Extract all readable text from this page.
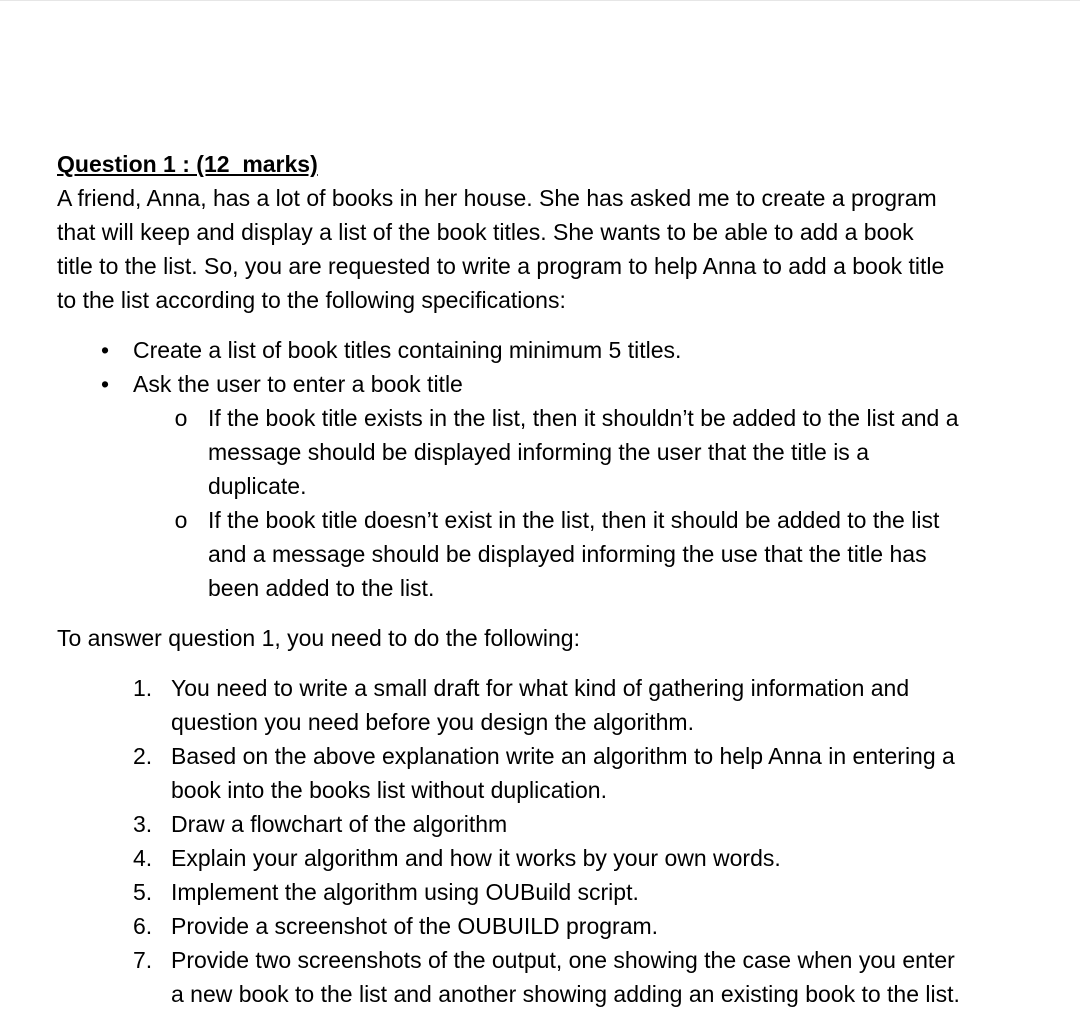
Question 1 : (12  marks)

A friend, Anna, has a lot of books in her house. She has asked me to create a program

that will keep and display a list of the book titles. She wants to be able to add a book

title to the list. So, you are requested to write a program to help Anna to add a book title

to the list according to the following specifications:

• Create a list of book titles containing minimum 5 titles.
• Ask the user to enter a book title
o If the book title exists in the list, then it shouldn’t be added to the list and a
message should be displayed informing the user that the title is a
duplicate.
o If the book title doesn’t exist in the list, then it should be added to the list
and a message should be displayed informing the use that the title has
been added to the list.
To answer question 1, you need to do the following:
1. You need to write a small draft for what kind of gathering information and
question you need before you design the algorithm.
2. Based on the above explanation write an algorithm to help Anna in entering a
book into the books list without duplication.
3. Draw a flowchart of the algorithm
4. Explain your algorithm and how it works by your own words.
5. Implement the algorithm using OUBuild script.
6. Provide a screenshot of the OUBUILD program.
7. Provide two screenshots of the output, one showing the case when you enter
a new book to the list and another showing adding an existing book to the list.
